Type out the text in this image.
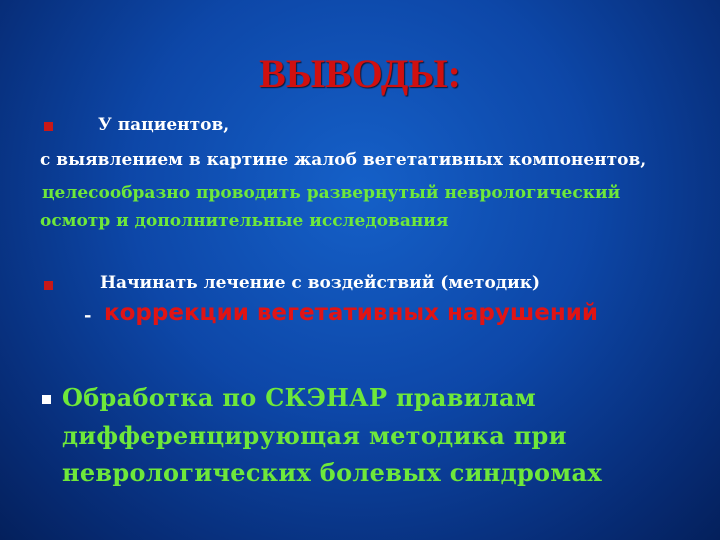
ВЫВОДЫ:
У пациентов,
с выявлением в картине жалоб вегетативных компонентов,
целесообразно проводить развернутый неврологический
осмотр и дополнительные исследования
Начинать лечение с воздействий (методик)
- коррекции вегетативных нарушений
Обработка по СКЭНАР правилам
дифференцирующая методика при
неврологических болевых синдромах
